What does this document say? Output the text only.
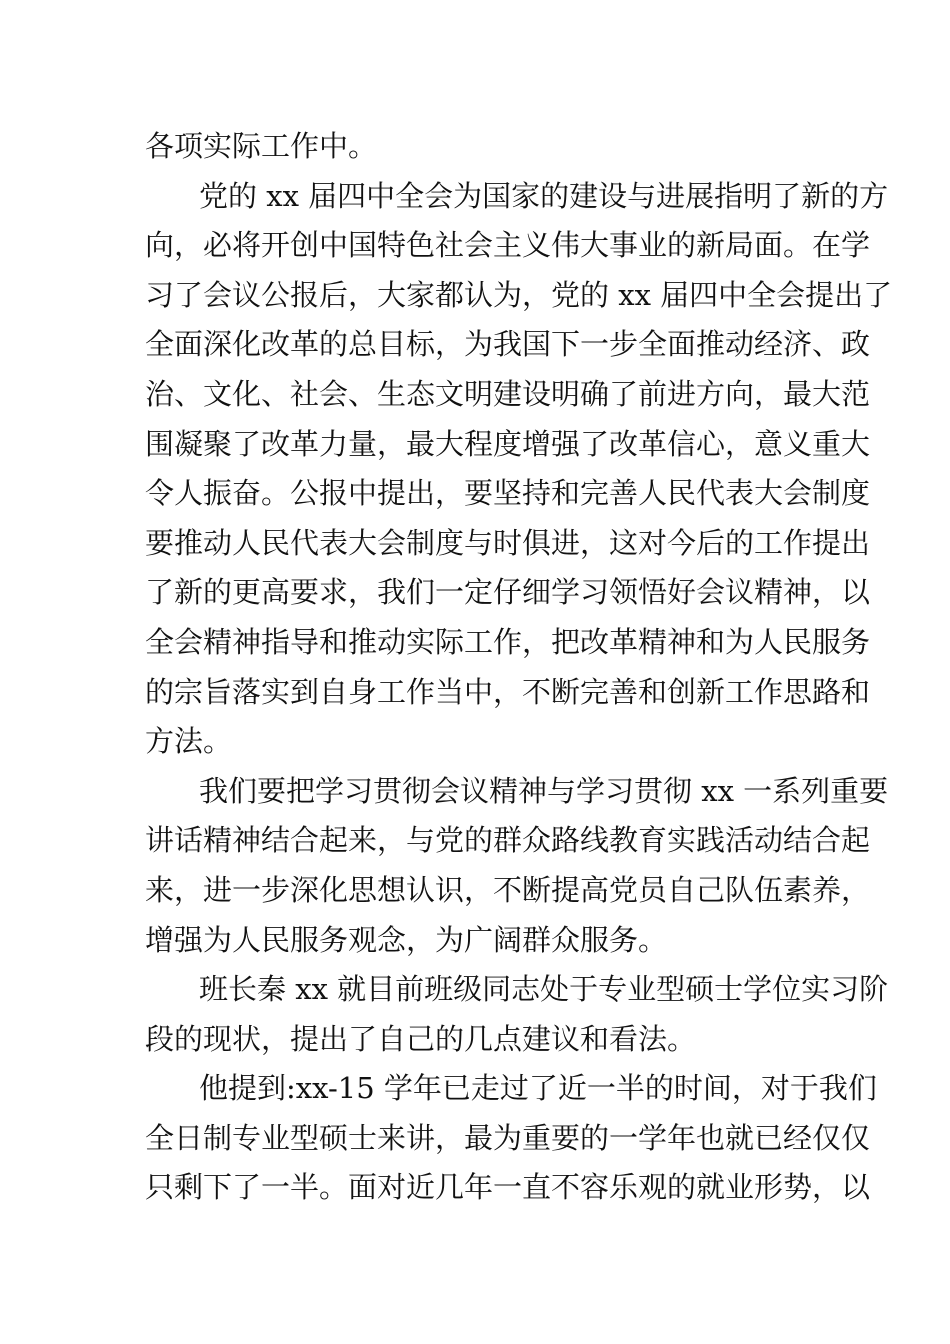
各项实际工作中。
党的 xx 届四中全会为国家的建设与进展指明了新的方
向，必将开创中国特色社会主义伟大事业的新局面。在学
习了会议公报后，大家都认为，党的 xx 届四中全会提出了
全面深化改革的总目标，为我国下一步全面推动经济、政
治、文化、社会、生态文明建设明确了前进方向，最大范
围凝聚了改革力量，最大程度增强了改革信心，意义重大
令人振奋。公报中提出，要坚持和完善人民代表大会制度
要推动人民代表大会制度与时俱进，这对今后的工作提出
了新的更高要求，我们一定仔细学习领悟好会议精神，以
全会精神指导和推动实际工作，把改革精神和为人民服务
的宗旨落实到自身工作当中，不断完善和创新工作思路和
方法。
我们要把学习贯彻会议精神与学习贯彻 xx 一系列重要
讲话精神结合起来，与党的群众路线教育实践活动结合起
来，进一步深化思想认识，不断提高党员自己队伍素养，
增强为人民服务观念，为广阔群众服务。
班长秦 xx 就目前班级同志处于专业型硕士学位实习阶
段的现状，提出了自己的几点建议和看法。
他提到:xx-15 学年已走过了近一半的时间，对于我们
全日制专业型硕士来讲，最为重要的一学年也就已经仅仅
只剩下了一半。面对近几年一直不容乐观的就业形势，以
